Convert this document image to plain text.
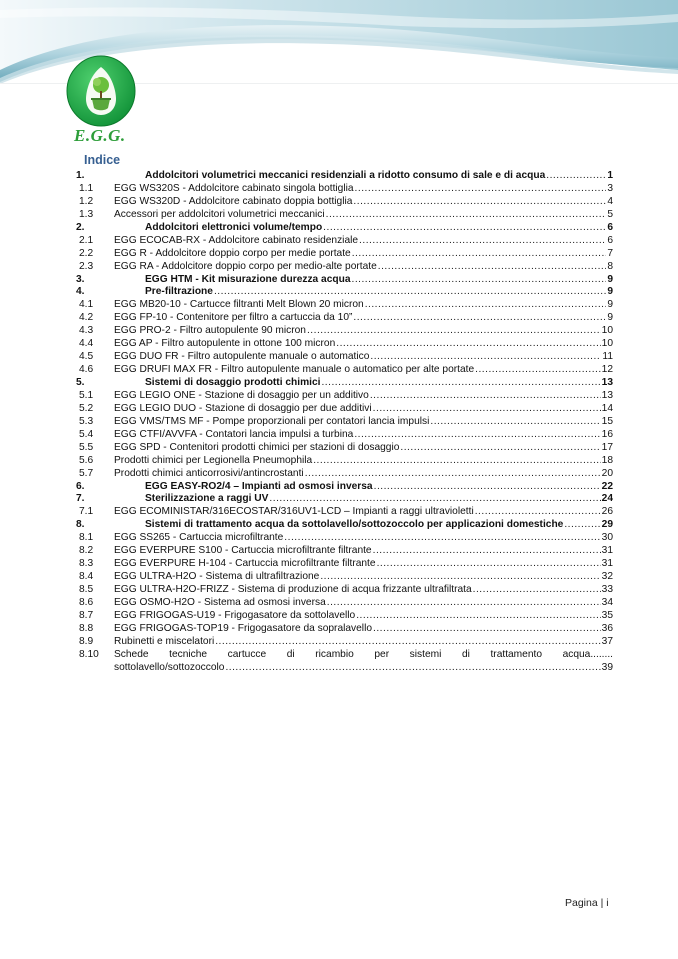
E.G.G.
Indice
1.	Addolcitori volumetrici meccanici residenziali a ridotto consumo di sale e di acqua .....	1
1.1	EGG WS320S - Addolcitore cabinato singola bottiglia .....	3
1.2	EGG WS320D - Addolcitore cabinato doppia bottiglia .....	4
1.3	Accessori per addolcitori volumetrici meccanici .....	5
2.	Addolcitori elettronici volume/tempo .....	6
2.1	EGG ECOCAB-RX - Addolcitore cabinato residenziale .....	6
2.2	EGG R - Addolcitore doppio corpo per medie portate .....	7
2.3	EGG RA - Addolcitore doppio corpo per medio-alte portate .....	8
3.	EGG HTM - Kit misurazione durezza acqua .....	9
4.	Pre-filtrazione .....	9
4.1	EGG MB20-10 - Cartucce filtranti Melt Blown 20 micron .....	9
4.2	EGG FP-10 - Contenitore per filtro a cartuccia da 10” .....	9
4.3	EGG PRO-2 - Filtro autopulente 90 micron .....	10
4.4	EGG AP - Filtro autopulente in ottone 100 micron .....	10
4.5	EGG DUO FR - Filtro autopulente manuale o automatico .....	11
4.6	EGG DRUFI MAX FR - Filtro autopulente manuale o automatico per alte portate .....	12
5.	Sistemi di dosaggio prodotti chimici .....	13
5.1	EGG LEGIO ONE - Stazione di dosaggio per un additivo .....	13
5.2	EGG LEGIO DUO - Stazione di dosaggio per due additivi .....	14
5.3	EGG VMS/TMS MF - Pompe proporzionali per contatori lancia impulsi .....	15
5.4	EGG CTFI/AVVFA - Contatori lancia impulsi a turbina .....	16
5.5	EGG SPD - Contenitori prodotti chimici per stazioni di dosaggio .....	17
5.6	Prodotti chimici per Legionella Pneumophila .....	18
5.7	Prodotti chimici anticorrosivi/antincrostanti .....	20
6.	EGG EASY-RO2/4 – Impianti ad osmosi inversa .....	22
7.	Sterilizzazione a raggi UV .....	24
7.1	EGG ECOMINISTAR/316ECOSTAR/316UV1-LCD – Impianti a raggi ultravioletti .....	26
8.	Sistemi di trattamento acqua da sottolavello/sottozoccolo per applicazioni domestiche .....	29
8.1	EGG SS265 - Cartuccia microfiltrante .....	30
8.2	EGG EVERPURE S100 - Cartuccia microfiltrante filtrante .....	31
8.3	EGG EVERPURE H-104 - Cartuccia microfiltrante filtrante .....	31
8.4	EGG ULTRA-H2O - Sistema di ultrafiltrazione .....	32
8.5	EGG ULTRA-H2O-FRIZZ - Sistema di produzione di acqua frizzante ultrafiltrata .....	33
8.6	EGG OSMO-H2O - Sistema ad osmosi inversa .....	34
8.7	EGG FRIGOGAS-U19 - Frigogasatore da sottolavello .....	35
8.8	EGG FRIGOGAS-TOP19 - Frigogasatore da sopralavello .....	36
8.9	Rubinetti e miscelatori .....	37
8.10	Schede tecniche cartucce di ricambio per sistemi di trattamento acqua........
sottolavello/sottozoccolo .....	39
Pagina | i
